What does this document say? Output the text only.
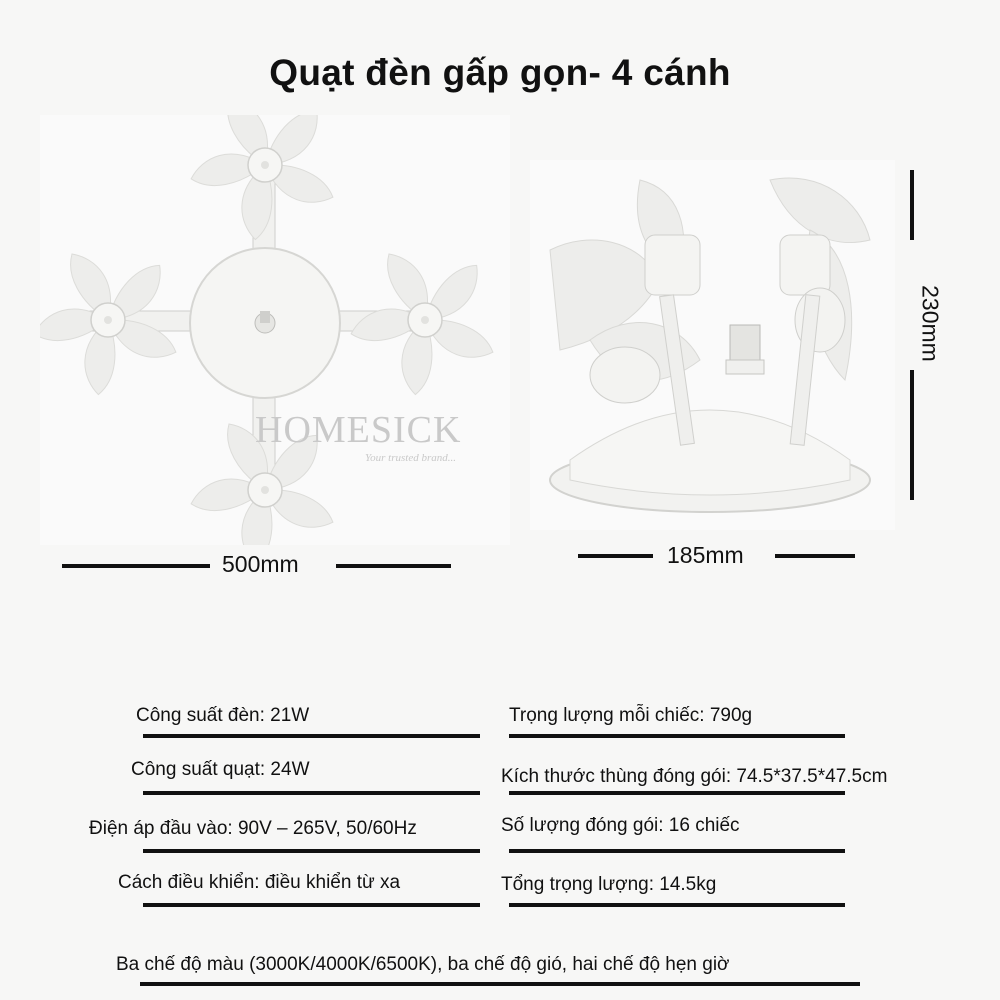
Quạt đèn gấp gọn- 4 cánh
HOMESICK
Your trusted brand...
500mm	185mm
230mm
Công suất đèn: 21W
Công suất quạt: 24W
Điện áp đầu vào: 90V – 265V, 50/60Hz
Cách điều khiển: điều khiển từ xa
Trọng lượng mỗi chiếc: 790g
Kích thước thùng đóng gói: 74.5*37.5*47.5cm
Số lượng đóng gói: 16 chiếc
Tổng trọng lượng: 14.5kg
Ba chế độ màu (3000K/4000K/6500K), ba chế độ gió, hai chế độ hẹn giờ
